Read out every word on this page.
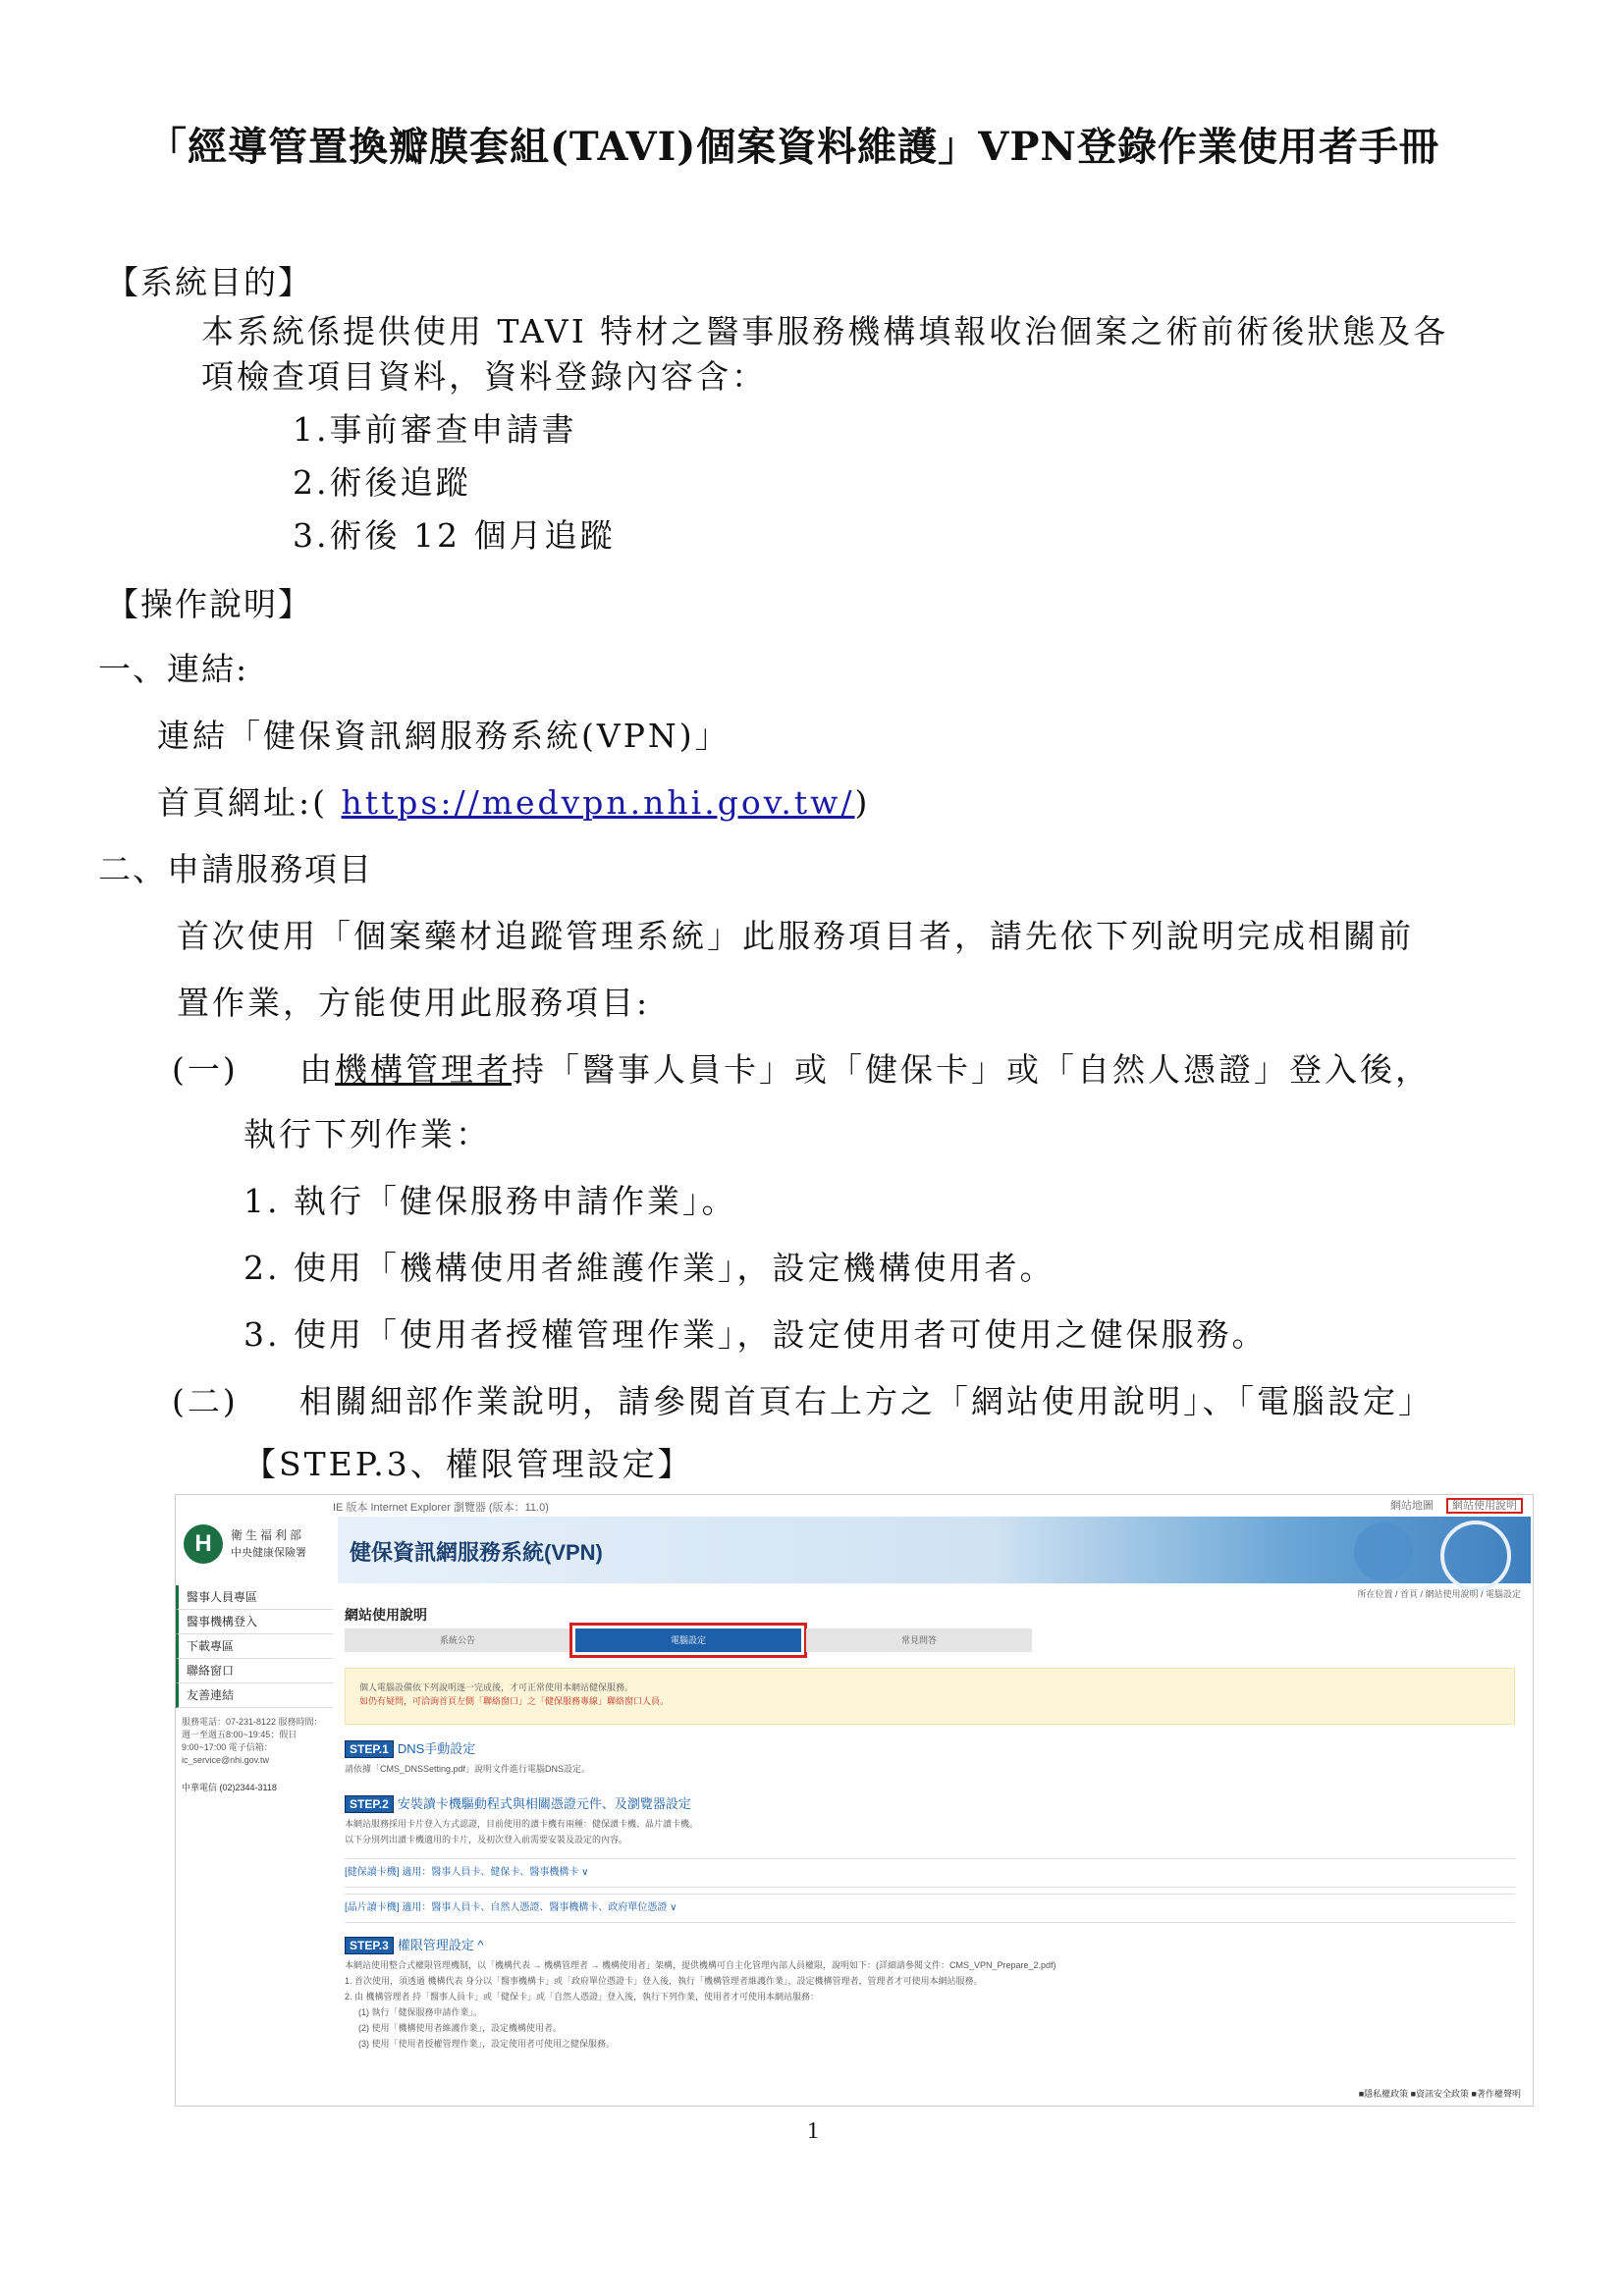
「經導管置換瓣膜套組(TAVI)個案資料維護」VPN登錄作業使用者手冊
【系統目的】
本系統係提供使用 TAVI 特材之醫事服務機構填報收治個案之術前術後狀態及各
項檢查項目資料，資料登錄內容含：
1.事前審查申請書
2.術後追蹤
3.術後 12 個月追蹤
【操作說明】
一、連結:
連結「健保資訊網服務系統(VPN)」
首頁網址:( https://medvpn.nhi.gov.tw/)
二、申請服務項目
首次使用「個案藥材追蹤管理系統」此服務項目者，請先依下列說明完成相關前
置作業，方能使用此服務項目:
(一) 由機構管理者持「醫事人員卡」或「健保卡」或「自然人憑證」登入後，
執行下列作業：
1. 執行「健保服務申請作業」。
2. 使用「機構使用者維護作業」，設定機構使用者。
3. 使用「使用者授權管理作業」，設定使用者可使用之健保服務。
(二) 相關細部作業說明，請參閱首頁右上方之「網站使用說明」、「電腦設定」
【STEP.3、權限管理設定】
IE 版本 Internet Explorer 瀏覽器 (版本：11.0)	網站地圖 網站使用說明
H	衛生福利部
中央健康保險署 健保資訊網服務系統(VPN)
所在位置 / 首頁 / 網站使用說明 / 電腦設定
醫事人員專區
醫事機構登入
下載專區
聯絡窗口
友善連結
服務電話：07-231-8122 服務時間：週一至週五8:00~19:45；假日9:00~17:00 電子信箱：ic_service@nhi.gov.tw
中華電信 (02)2344-3118
網站使用說明
系統公告	電腦設定	常見問答
個人電腦設備依下列說明逐一完成後，才可正常使用本網站健保服務。
如仍有疑問，可洽詢首頁左側「聯絡窗口」之「健保服務專線」聯絡窗口人員。
STEP.1 DNS手動設定
請依據「CMS_DNSSetting.pdf」說明文件進行電腦DNS設定。
STEP.2 安裝讀卡機驅動程式與相關憑證元件、及瀏覽器設定
本網站服務採用卡片登入方式認證，目前使用的讀卡機有兩種：健保讀卡機、晶片讀卡機。
以下分別列出讀卡機適用的卡片，及初次登入前需要安裝及設定的內容。
[健保讀卡機] 適用：醫事人員卡、健保卡、醫事機構卡 ∨
[晶片讀卡機] 適用：醫事人員卡、自然人憑證、醫事機構卡、政府單位憑證 ∨
STEP.3 權限管理設定 ^
本網站使用整合式權限管理機制，以「機構代表 → 機構管理者 → 機構使用者」架構，提供機構可自主化管理內部人員權限，說明如下：(詳細請參閱文件：CMS_VPN_Prepare_2.pdf)
1. 首次使用，須透過 機構代表 身分以「醫事機構卡」或「政府單位憑證卡」登入後，執行「機構管理者維護作業」，設定機構管理者，管理者才可使用本網站服務。
2. 由 機構管理者 持「醫事人員卡」或「健保卡」或「自然人憑證」登入後，執行下列作業，使用者才可使用本網站服務：
(1) 執行「健保服務申請作業」。
(2) 使用「機構使用者維護作業」，設定機構使用者。
(3) 使用「使用者授權管理作業」，設定使用者可使用之健保服務。
■隱私權政策 ■資訊安全政策 ■著作權聲明
1
